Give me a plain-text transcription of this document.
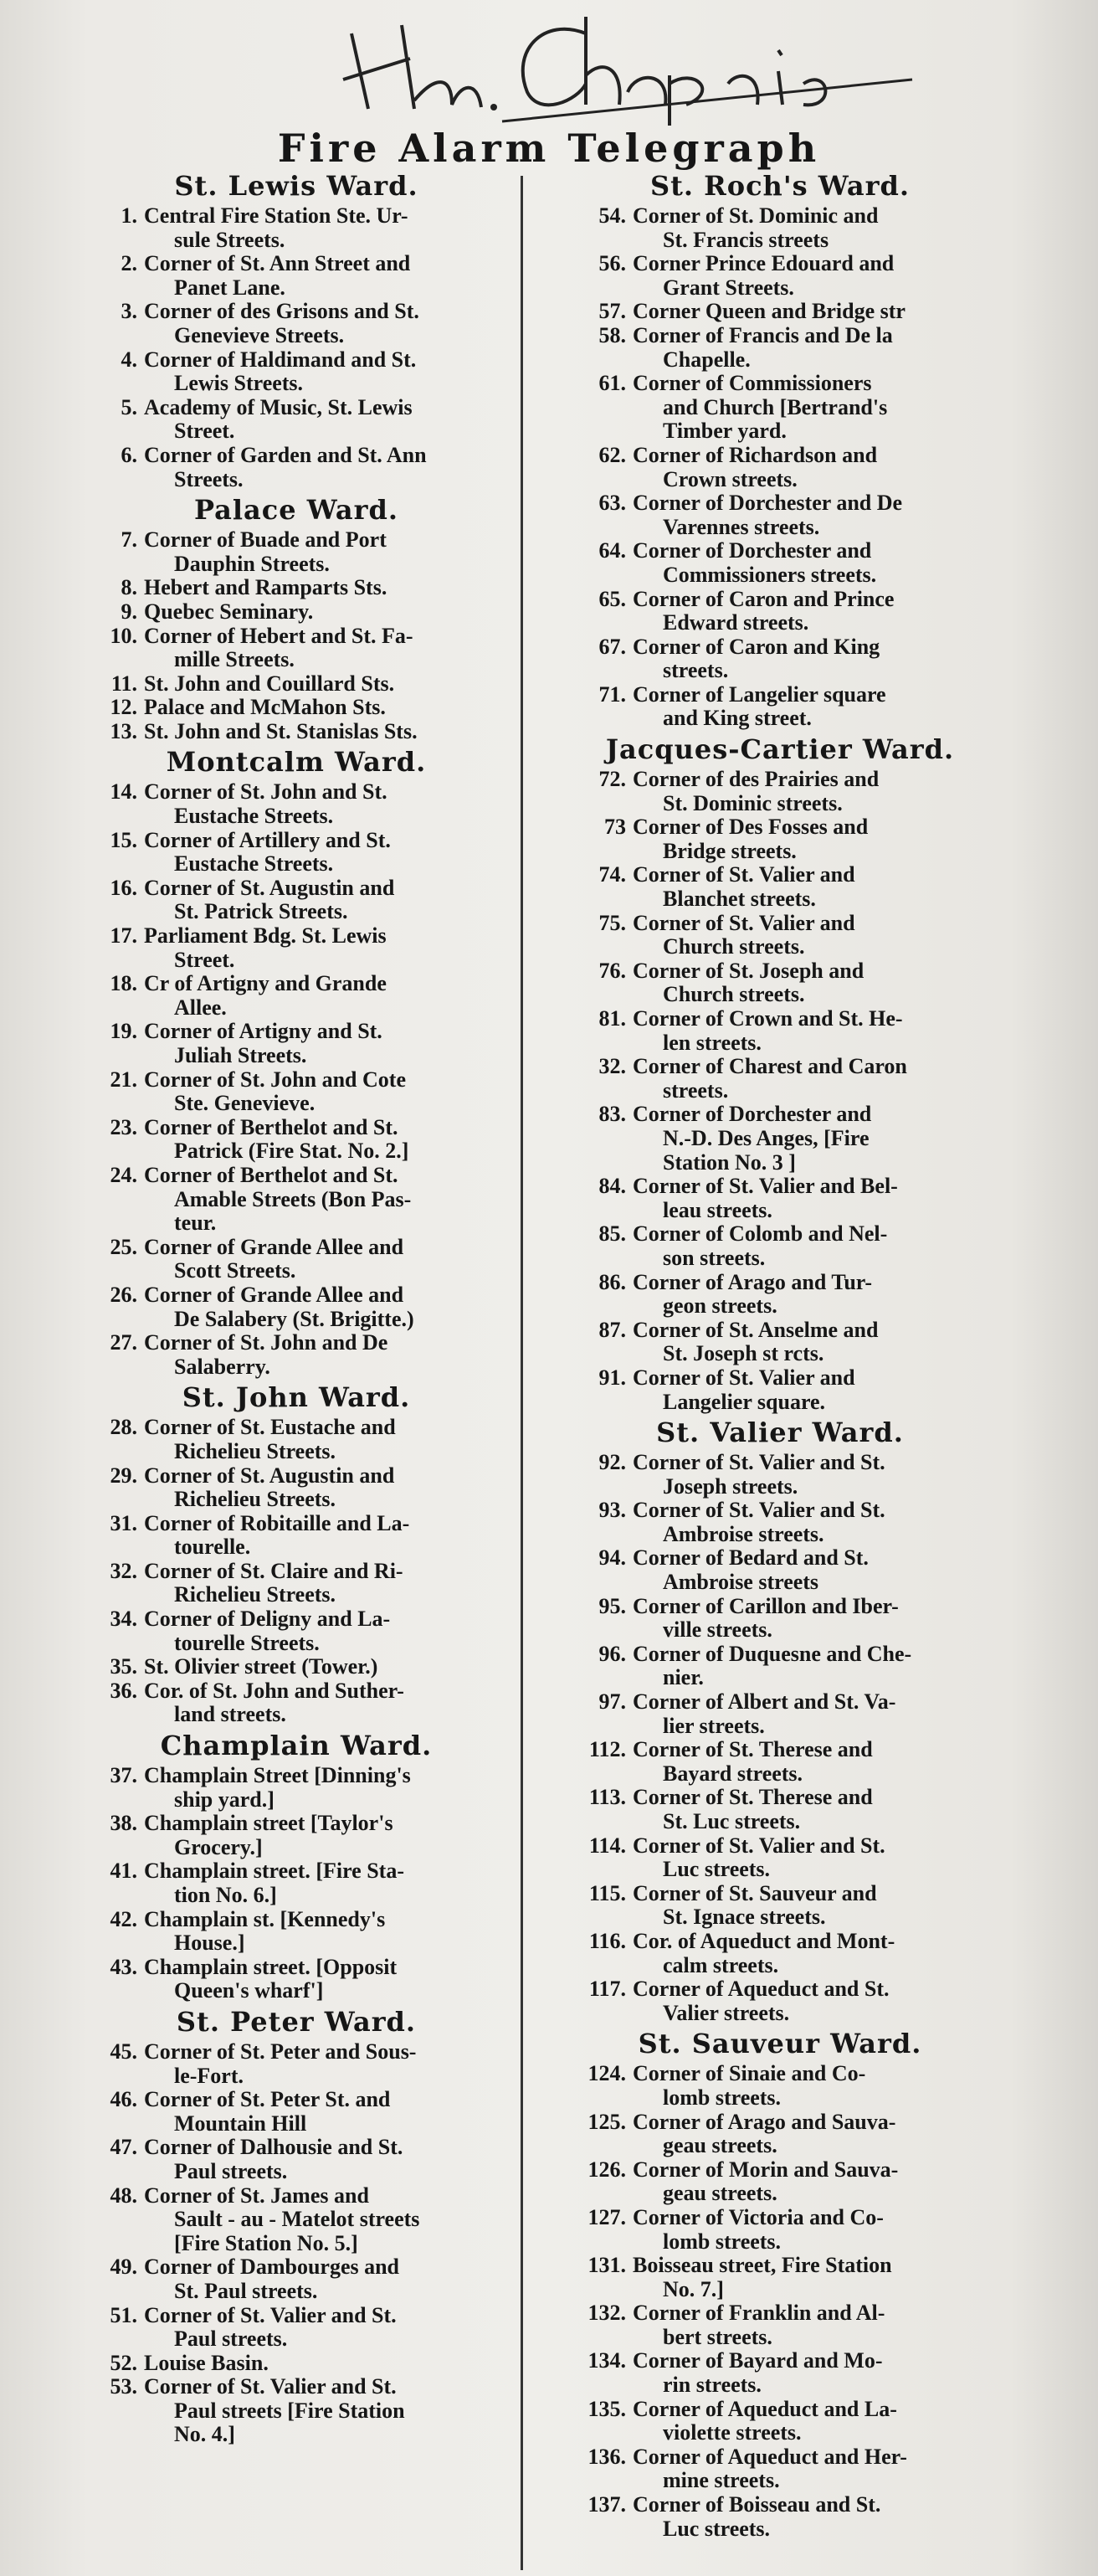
Fire Alarm Telegraph
St. Lewis Ward.
1. Central Fire Station Ste. Ur-
sule Streets.
2. Corner of St. Ann Street and
Panet Lane.
3. Corner of des Grisons and St.
Genevieve Streets.
4. Corner of Haldimand and St.
Lewis Streets.
5. Academy of Music, St. Lewis
Street.
6. Corner of Garden and St. Ann
Streets.
Palace Ward.
7. Corner of Buade and Port
Dauphin Streets.
8. Hebert and Ramparts Sts.
9. Quebec Seminary.
10. Corner of Hebert and St. Fa-
mille Streets.
11. St. John and Couillard Sts.
12. Palace and McMahon Sts.
13. St. John and St. Stanislas Sts.
Montcalm Ward.
14. Corner of St. John and St.
Eustache Streets.
15. Corner of Artillery and St.
Eustache Streets.
16. Corner of St. Augustin and
St. Patrick Streets.
17. Parliament Bdg. St. Lewis
Street.
18. Cr of Artigny and Grande
Allee.
19. Corner of Artigny and St.
Juliah Streets.
21. Corner of St. John and Cote
Ste. Genevieve.
23. Corner of Berthelot and St.
Patrick (Fire Stat. No. 2.]
24. Corner of Berthelot and St.
Amable Streets (Bon Pas-
teur.
25. Corner of Grande Allee and
Scott Streets.
26. Corner of Grande Allee and
De Salabery (St. Brigitte.)
27. Corner of St. John and De
Salaberry.
St. John Ward.
28. Corner of St. Eustache and
Richelieu Streets.
29. Corner of St. Augustin and
Richelieu Streets.
31. Corner of Robitaille and La-
tourelle.
32. Corner of St. Claire and Ri-
Richelieu Streets.
34. Corner of Deligny and La-
tourelle Streets.
35. St. Olivier street (Tower.)
36. Cor. of St. John and Suther-
land streets.
Champlain Ward.
37. Champlain Street [Dinning's
ship yard.]
38. Champlain street [Taylor's
Grocery.]
41. Champlain street. [Fire Sta-
tion No. 6.]
42. Champlain st. [Kennedy's
House.]
43. Champlain street. [Opposit
Queen's wharf']
St. Peter Ward.
45. Corner of St. Peter and Sous-
le-Fort.
46. Corner of St. Peter St. and
Mountain Hill
47. Corner of Dalhousie and St.
Paul streets.
48. Corner of St. James and
Sault - au - Matelot streets
[Fire Station No. 5.]
49. Corner of Dambourges and
St. Paul streets.
51. Corner of St. Valier and St.
Paul streets.
52. Louise Basin.
53. Corner of St. Valier and St.
Paul streets [Fire Station
No. 4.]
St. Roch's Ward.
54. Corner of St. Dominic and
St. Francis streets
56. Corner Prince Edouard and
Grant Streets.
57. Corner Queen and Bridge str
58. Corner of Francis and De la
Chapelle.
61. Corner of Commissioners
and Church [Bertrand's
Timber yard.
62. Corner of Richardson and
Crown streets.
63. Corner of Dorchester and De
Varennes streets.
64. Corner of Dorchester and
Commissioners streets.
65. Corner of Caron and Prince
Edward streets.
67. Corner of Caron and King
streets.
71. Corner of Langelier square
and King street.
Jacques-Cartier Ward.
72. Corner of des Prairies and
St. Dominic streets.
73 Corner of Des Fosses and
Bridge streets.
74. Corner of St. Valier and
Blanchet streets.
75. Corner of St. Valier and
Church streets.
76. Corner of St. Joseph and
Church streets.
81. Corner of Crown and St. He-
len streets.
32. Corner of Charest and Caron
streets.
83. Corner of Dorchester and
N.-D. Des Anges, [Fire
Station No. 3 ]
84. Corner of St. Valier and Bel-
leau streets.
85. Corner of Colomb and Nel-
son streets.
86. Corner of Arago and Tur-
geon streets.
87. Corner of St. Anselme and
St. Joseph st rcts.
91. Corner of St. Valier and
Langelier square.
St. Valier Ward.
92. Corner of St. Valier and St.
Joseph streets.
93. Corner of St. Valier and St.
Ambroise streets.
94. Corner of Bedard and St.
Ambroise streets
95. Corner of Carillon and Iber-
ville streets.
96. Corner of Duquesne and Che-
nier.
97. Corner of Albert and St. Va-
lier streets.
112. Corner of St. Therese and
Bayard streets.
113. Corner of St. Therese and
St. Luc streets.
114. Corner of St. Valier and St.
Luc streets.
115. Corner of St. Sauveur and
St. Ignace streets.
116. Cor. of Aqueduct and Mont-
calm streets.
117. Corner of Aqueduct and St.
Valier streets.
St. Sauveur Ward.
124. Corner of Sinaie and Co-
lomb streets.
125. Corner of Arago and Sauva-
geau streets.
126. Corner of Morin and Sauva-
geau streets.
127. Corner of Victoria and Co-
lomb streets.
131. Boisseau street, Fire Station
No. 7.]
132. Corner of Franklin and Al-
bert streets.
134. Corner of Bayard and Mo-
rin streets.
135. Corner of Aqueduct and La-
violette streets.
136. Corner of Aqueduct and Her-
mine streets.
137. Corner of Boisseau and St.
Luc streets.
